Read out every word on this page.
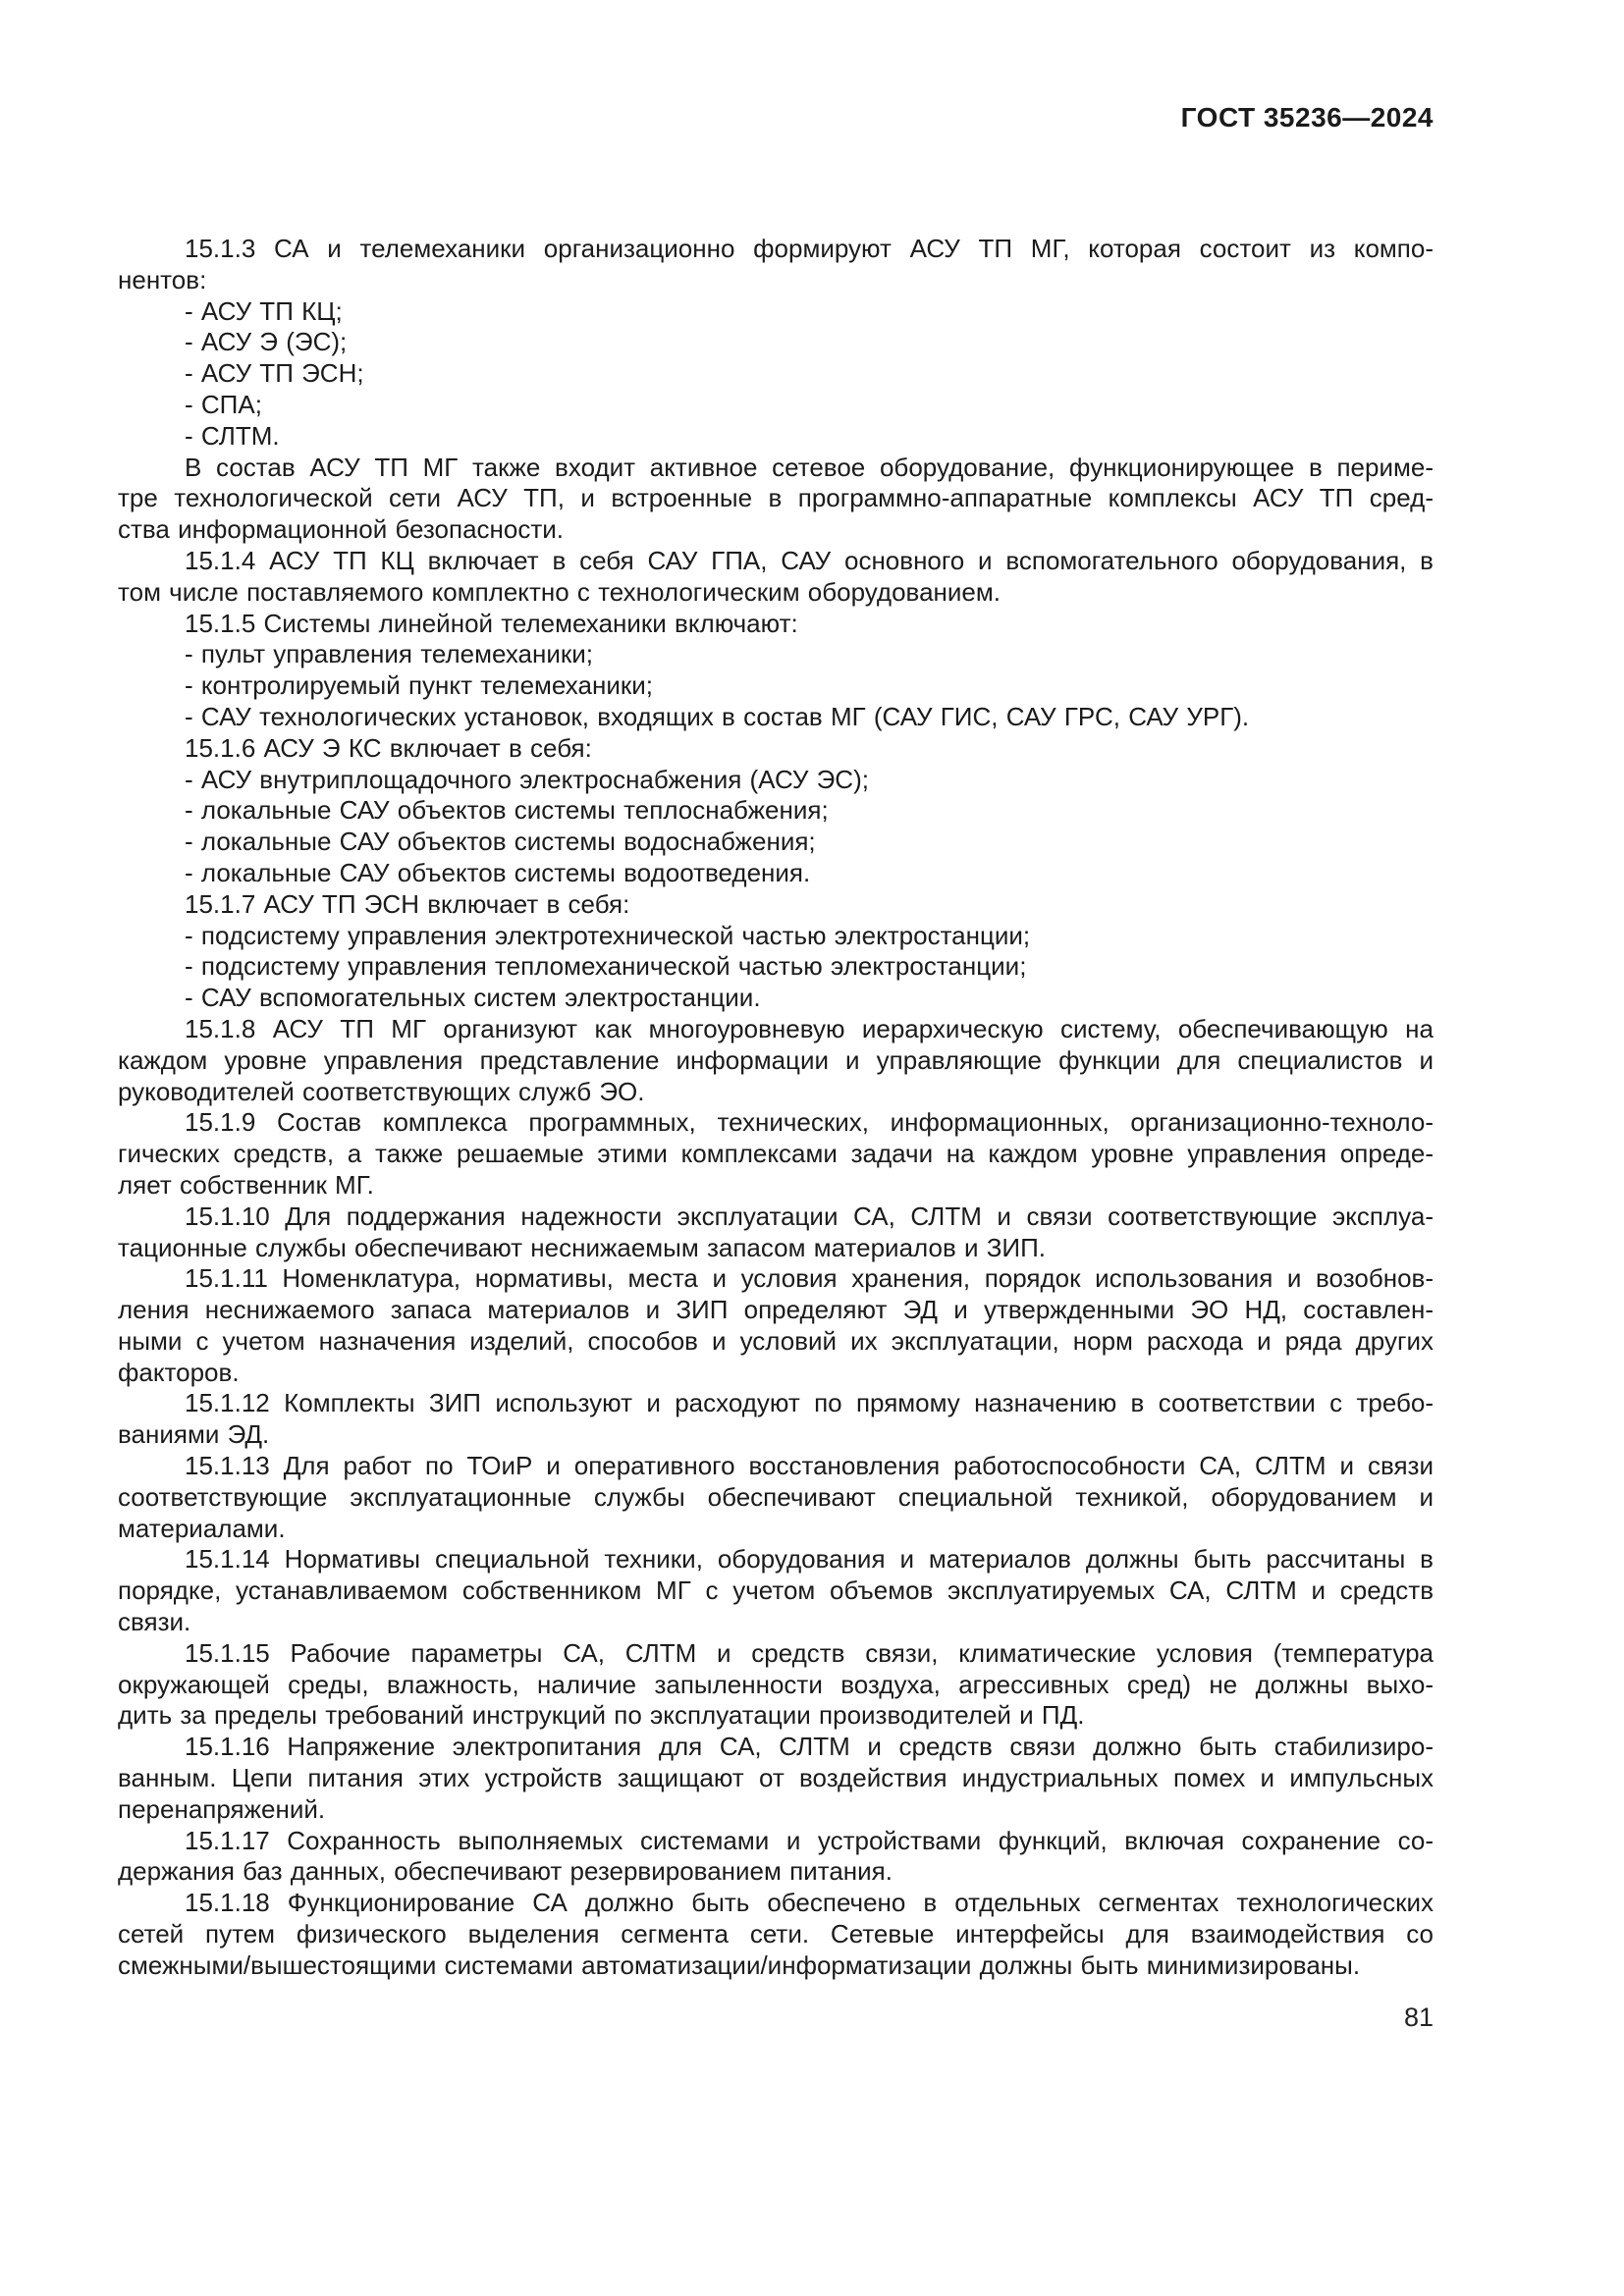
ГОСТ 35236—2024
15.1.3 СА и телемеханики организационно формируют АСУ ТП МГ, которая состоит из компо-
нентов:
- АСУ ТП КЦ;
- АСУ Э (ЭС);
- АСУ ТП ЭСН;
- СПА;
- СЛТМ.
В состав АСУ ТП МГ также входит активное сетевое оборудование, функционирующее в периме-
тре технологической сети АСУ ТП, и встроенные в программно-аппаратные комплексы АСУ ТП сред-
ства информационной безопасности.
15.1.4 АСУ ТП КЦ включает в себя САУ ГПА, САУ основного и вспомогательного оборудования, в
том числе поставляемого комплектно с технологическим оборудованием.
15.1.5 Системы линейной телемеханики включают:
- пульт управления телемеханики;
- контролируемый пункт телемеханики;
- САУ технологических установок, входящих в состав МГ (САУ ГИС, САУ ГРС, САУ УРГ).
15.1.6 АСУ Э КС включает в себя:
- АСУ внутриплощадочного электроснабжения (АСУ ЭС);
- локальные САУ объектов системы теплоснабжения;
- локальные САУ объектов системы водоснабжения;
- локальные САУ объектов системы водоотведения.
15.1.7 АСУ ТП ЭСН включает в себя:
- подсистему управления электротехнической частью электростанции;
- подсистему управления тепломеханической частью электростанции;
- САУ вспомогательных систем электростанции.
15.1.8 АСУ ТП МГ организуют как многоуровневую иерархическую систему, обеспечивающую на
каждом уровне управления представление информации и управляющие функции для специалистов и
руководителей соответствующих служб ЭО.
15.1.9 Состав комплекса программных, технических, информационных, организационно-техноло-
гических средств, а также решаемые этими комплексами задачи на каждом уровне управления опреде-
ляет собственник МГ.
15.1.10 Для поддержания надежности эксплуатации СА, СЛТМ и связи соответствующие эксплуа-
тационные службы обеспечивают неснижаемым запасом материалов и ЗИП.
15.1.11 Номенклатура, нормативы, места и условия хранения, порядок использования и возобнов-
ления неснижаемого запаса материалов и ЗИП определяют ЭД и утвержденными ЭО НД, составлен-
ными с учетом назначения изделий, способов и условий их эксплуатации, норм расхода и ряда других
факторов.
15.1.12 Комплекты ЗИП используют и расходуют по прямому назначению в соответствии с требо-
ваниями ЭД.
15.1.13 Для работ по ТОиР и оперативного восстановления работоспособности СА, СЛТМ и связи
соответствующие эксплуатационные службы обеспечивают специальной техникой, оборудованием и
материалами.
15.1.14 Нормативы специальной техники, оборудования и материалов должны быть рассчитаны в
порядке, устанавливаемом собственником МГ с учетом объемов эксплуатируемых СА, СЛТМ и средств
связи.
15.1.15 Рабочие параметры СА, СЛТМ и средств связи, климатические условия (температура
окружающей среды, влажность, наличие запыленности воздуха, агрессивных сред) не должны выхо-
дить за пределы требований инструкций по эксплуатации производителей и ПД.
15.1.16 Напряжение электропитания для СА, СЛТМ и средств связи должно быть стабилизиро-
ванным. Цепи питания этих устройств защищают от воздействия индустриальных помех и импульсных
перенапряжений.
15.1.17 Сохранность выполняемых системами и устройствами функций, включая сохранение со-
держания баз данных, обеспечивают резервированием питания.
15.1.18 Функционирование СА должно быть обеспечено в отдельных сегментах технологических
сетей путем физического выделения сегмента сети. Сетевые интерфейсы для взаимодействия со
смежными/вышестоящими системами автоматизации/информатизации должны быть минимизированы.
81
